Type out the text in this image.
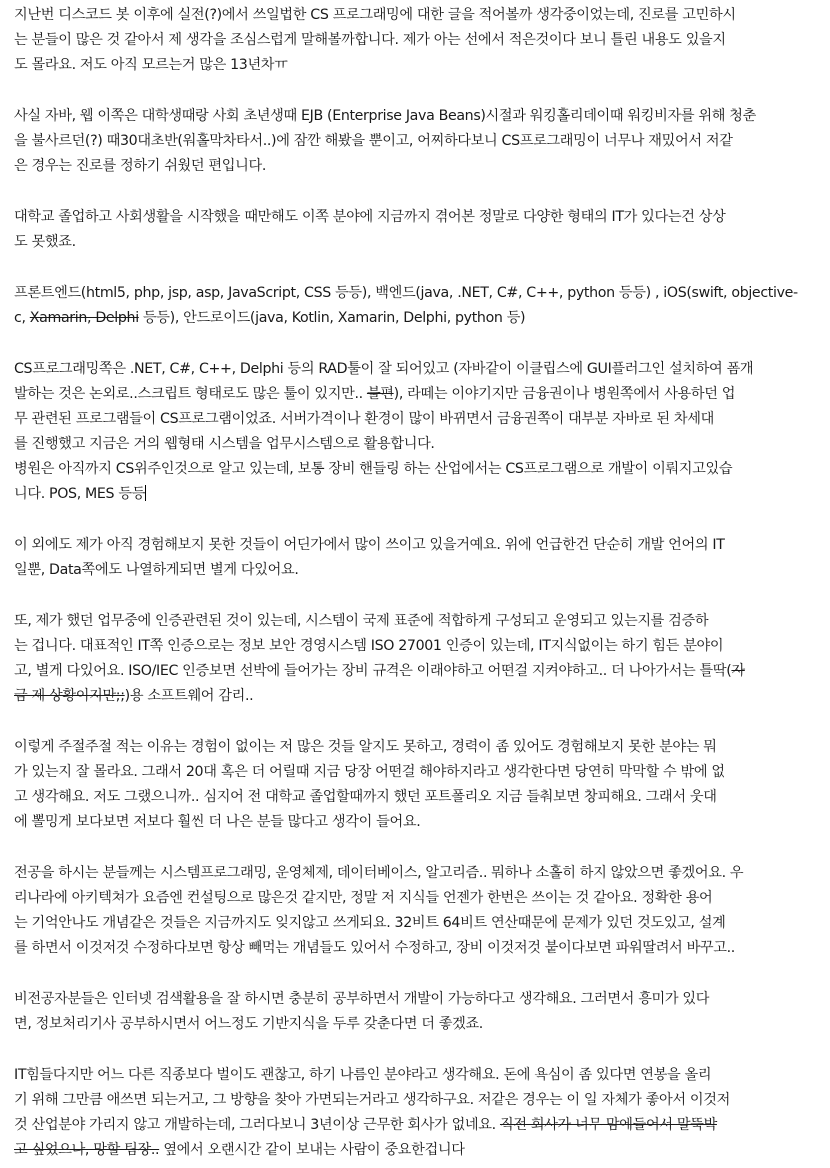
지난번 디스코드 봇 이후에 실전(?)에서 쓰일법한 CS 프로그래밍에 대한 글을 적어볼까 생각중이었는데, 진로를 고민하시
는 분들이 많은 것 같아서 제 생각을 조심스럽게 말해볼까합니다. 제가 아는 선에서 적은것이다 보니 틀린 내용도 있을지
도 몰라요. 저도 아직 모르는거 많은 13년차ㅠ

사실 자바, 웹 이쪽은 대학생때랑 사회 초년생때 EJB (Enterprise Java Beans)시절과 워킹홀리데이때 워킹비자를 위해 청춘
을 불사르던(?) 때30대초반(워홀막차타서..)에 잠깐 해봤을 뿐이고, 어찌하다보니 CS프로그래밍이 너무나 재밌어서 저같
은 경우는 진로를 정하기 쉬웠던 편입니다.

대학교 졸업하고 사회생활을 시작했을 때만해도 이쪽 분야에 지금까지 겪어본 정말로 다양한 형태의 IT가 있다는건 상상
도 못했죠.

프론트엔드(html5, php, jsp, asp, JavaScript, CSS 등등), 백엔드(java, .NET, C#, C++, python 등등) , iOS(swift, objective-
c, Xamarin, Delphi 등등), 안드로이드(java, Kotlin, Xamarin, Delphi, python 등)

CS프로그래밍쪽은 .NET, C#, C++, Delphi 등의 RAD툴이 잘 되어있고 (자바같이 이클립스에 GUI플러그인 설치하여 폼개
발하는 것은 논외로..스크립트 형태로도 많은 툴이 있지만.. 불편), 라떼는 이야기지만 금융권이나 병원쪽에서 사용하던 업
무 관련된 프로그램들이 CS프로그램이었죠. 서버가격이나 환경이 많이 바뀌면서 금융권쪽이 대부분 자바로 된 차세대
를 진행했고 지금은 거의 웹형태 시스템을 업무시스템으로 활용합니다.

병원은 아직까지 CS위주인것으로 알고 있는데, 보통 장비 핸들링 하는 산업에서는 CS프로그램으로 개발이 이뤄지고있습
니다. POS, MES 등등

이 외에도 제가 아직 경험해보지 못한 것들이 어딘가에서 많이 쓰이고 있을거예요. 위에 언급한건 단순히 개발 언어의 IT
일뿐, Data쪽에도 나열하게되면 별게 다있어요.

또, 제가 했던 업무중에 인증관련된 것이 있는데, 시스템이 국제 표준에 적합하게 구성되고 운영되고 있는지를 검증하
는 겁니다. 대표적인 IT쪽 인증으로는 정보 보안 경영시스템 ISO 27001 인증이 있는데, IT지식없이는 하기 힘든 분야이
고, 별게 다있어요. ISO/IEC 인증보면 선박에 들어가는 장비 규격은 이래야하고 어떤걸 지켜야하고.. 더 나아가서는 틀딱(자
금 제 상황이지만;;)용 소프트웨어 감리..

이렇게 주절주절 적는 이유는 경험이 없이는 저 많은 것들 알지도 못하고, 경력이 좀 있어도 경험해보지 못한 분야는 뭐
가 있는지 잘 몰라요. 그래서 20대 혹은 더 어릴때 지금 당장 어떤걸 해야하지라고 생각한다면 당연히 막막할 수 밖에 없
고 생각해요. 저도 그랬으니까.. 심지어 전 대학교 졸업할때까지 했던 포트폴리오 지금 들춰보면 창피해요. 그래서 웃대
에 뽈밍게 보다보면 저보다 훨씬 더 나은 분들 많다고 생각이 들어요.

전공을 하시는 분들께는 시스템프로그래밍, 운영체제, 데이터베이스, 알고리즘.. 뭐하나 소홀히 하지 않았으면 좋겠어요. 우
리나라에 아키텍쳐가 요즘엔 컨설팅으로 많은것 같지만, 정말 저 지식들 언젠가 한번은 쓰이는 것 같아요. 정확한 용어
는 기억안나도 개념같은 것들은 지금까지도 잊지않고 쓰게되요. 32비트 64비트 연산때문에 문제가 있던 것도있고, 설계
를 하면서 이것저것 수정하다보면 항상 빼먹는 개념들도 있어서 수정하고, 장비 이것저것 붙이다보면 파워딸려서 바꾸고..

비전공자분들은 인터넷 검색활용을 잘 하시면 충분히 공부하면서 개발이 가능하다고 생각해요. 그러면서 흥미가 있다
면, 정보처리기사 공부하시면서 어느정도 기반지식을 두루 갖춘다면 더 좋겠죠.

IT힘들다지만 어느 다른 직종보다 벌이도 괜찮고, 하기 나름인 분야라고 생각해요. 돈에 욕심이 좀 있다면 연봉을 올리
기 위해 그만큼 애쓰면 되는거고, 그 방향을 찾아 가면되는거라고 생각하구요. 저같은 경우는 이 일 자체가 좋아서 이것저
것 산업분야 가리지 않고 개발하는데, 그러다보니 3년이상 근무한 회사가 없네요. 직전 회사가 너무 맘에들어서 말뚝박
고 싶었으나, 망할 팀장.. 옆에서 오랜시간 같이 보내는 사람이 중요한겁니다
